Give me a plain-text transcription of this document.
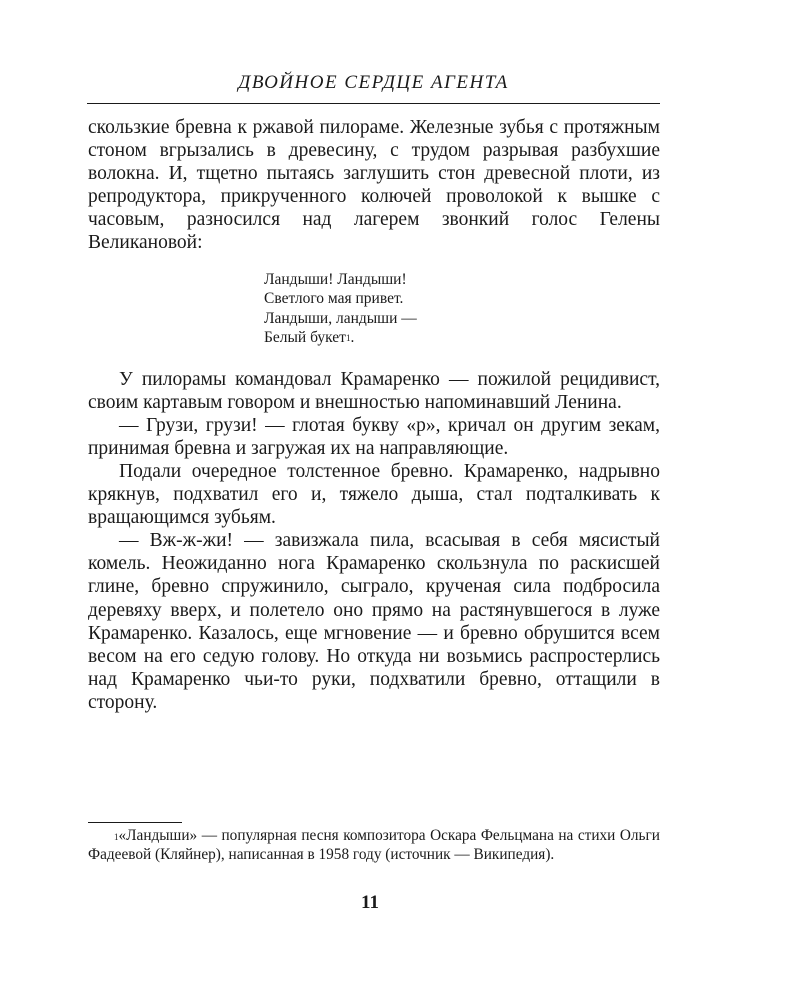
ДВОЙНОЕ СЕРДЦЕ АГЕНТА

скользкие бревна к ржавой пилораме. Железные зубья с протяжным стоном вгрызались в древесину, с трудом разрывая разбухшие волокна. И, тщетно пытаясь заглушить стон древесной плоти, из репродуктора, прикрученного колючей проволокой к вышке с часовым, разносился над лагерем звонкий голос Гелены Великановой:

Ландыши! Ландыши!
Светлого мая привет.
Ландыши, ландыши —
Белый букет$^1$.

У пилорамы командовал Крамаренко — пожилой рецидивист, своим картавым говором и внешностью напоминавший Ленина.

— Грузи, грузи! — глотая букву «р», кричал он другим зекам, принимая бревна и загружая их на направляющие.

Подали очередное толстенное бревно. Крамаренко, надрывно крякнув, подхватил его и, тяжело дыша, стал подталкивать к вращающимся зубьям.

— Вж-ж-жи! — завизжала пила, всасывая в себя мясистый комель. Неожиданно нога Крамаренко скользнула по раскисшей глине, бревно спружинило, сыграло, крученая сила подбросила деревяху вверх, и полетело оно прямо на растянувшегося в луже Крамаренко. Казалось, еще мгновение — и бревно обрушится всем весом на его седую голову. Но откуда ни возьмись распростерлись над Крамаренко чьи-то руки, подхватили бревно, оттащили в сторону.

$^1$«Ландыши» — популярная песня композитора Оскара Фельцмана на стихи Ольги Фадеевой (Кляйнер), написанная в 1958 году (источник — Википедия).
11
